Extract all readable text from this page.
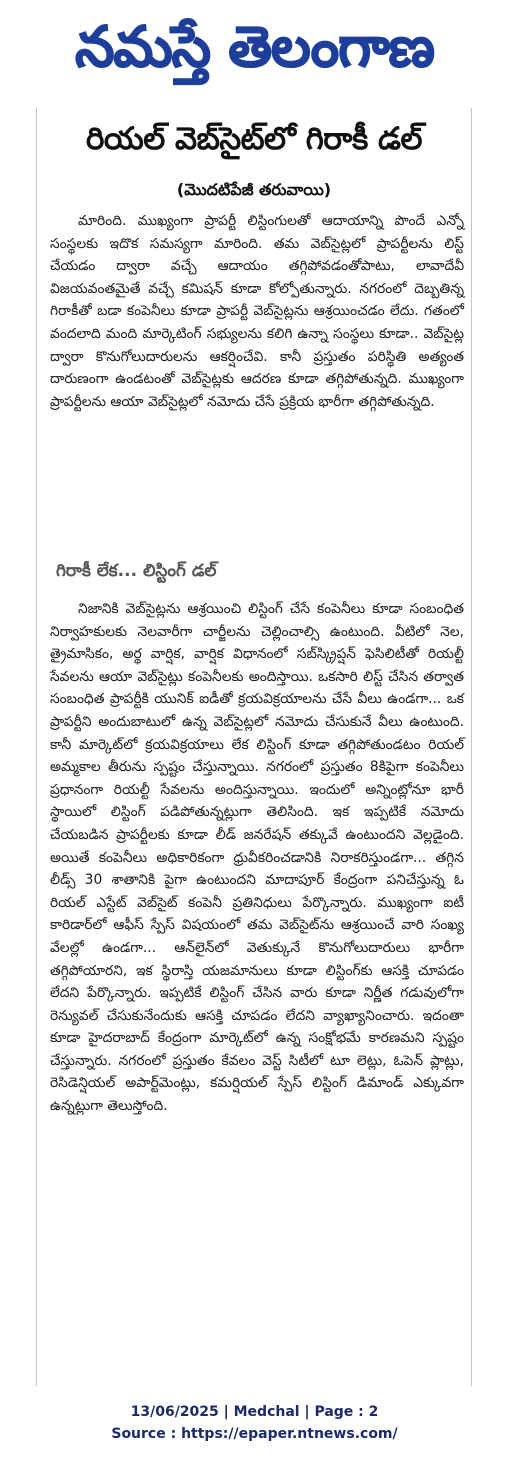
నమస్తే తెలంగాణ
రియల్ వెబ్‌సైట్‌లో గిరాకీ డల్
(మొదటిపేజీ తరువాయి)

మారింది. ముఖ్యంగా ప్రాపర్టీ లిస్టింగులతో ఆదాయాన్ని పొందే ఎన్నో సంస్థలకు ఇదొక సమస్యగా మారింది. తమ వెబ్‌సైట్లలో ప్రాపర్టీలను లిస్ట్ చేయడం ద్వారా వచ్చే ఆదాయం తగ్గిపోవడంతోపాటు, లావాదేవీ విజయవంతమైతే వచ్చే కమిషన్ కూడా కోల్పోతున్నారు. నగరంలో దెబ్బతిన్న గిరాకీతో బడా కంపెనీలు కూడా ప్రాపర్టీ వెబ్‌సైట్లను ఆశ్రయించడం లేదు. గతంలో వందలాది మంది మార్కెటింగ్ సభ్యులను కలిగి ఉన్నా సంస్థలు కూడా.. వెబ్‌సైట్ల ద్వారా కొనుగోలుదారులను ఆకర్షించేవి. కానీ ప్రస్తుతం పరిస్థితి అత్యంత దారుణంగా ఉండటంతో వెబ్‌సైట్లకు ఆదరణ కూడా తగ్గిపోతున్నది. ముఖ్యంగా ప్రాపర్టీలను ఆయా వెబ్‌సైట్లలో నమోదు చేసే ప్రక్రియ భారీగా తగ్గిపోతున్నది.

గిరాకీ లేక... లిస్టింగ్ డల్

నిజానికి వెబ్‌సైట్లను ఆశ్రయించి లిస్టింగ్ చేసే కంపెనీలు కూడా సంబంధిత నిర్వాహకులకు నెలవారీగా చార్జీలను చెల్లించాల్సి ఉంటుంది. వీటిలో నెల, త్రైమాసికం, అర్థ వార్షిక, వార్షిక విధానంలో సబ్‌స్క్రిప్షన్ ఫెసిలిటీతో రియల్టీ సేవలను ఆయా వెబ్‌సైట్లు కంపెనీలకు అందిస్తాయి. ఒకసారి లిస్ట్ చేసిన తర్వాత సంబంధిత ప్రాపర్టీకి యునిక్ ఐడీతో క్రయవిక్రయాలను చేసే వీలు ఉండగా... ఒక ప్రాపర్టీని అందుబాటులో ఉన్న వెబ్‌సైట్లలో నమోదు చేసుకునే వీలు ఉంటుంది. కానీ మార్కెట్‌లో క్రయవిక్రయాలు లేక లిస్టింగ్ కూడా తగ్గిపోతుండటం రియల్ అమ్మకాల తీరును స్పష్టం చేస్తున్నాయి. నగరంలో ప్రస్తుతం 8కిపైగా కంపెనీలు ప్రధానంగా రియల్టీ సేవలను అందిస్తున్నాయి. ఇందులో అన్నింట్లోనూ భారీ స్థాయిలో లిస్టింగ్ పడిపోతున్నట్లుగా తెలిసింది. ఇక ఇప్పటికే నమోదు చేయబడిన ప్రాపర్టీలకు కూడా లీడ్ జనరేషన్ తక్కువే ఉంటుందని వెల్లడైంది. అయితే కంపెనీలు అధికారికంగా ధ్రువీకరించడానికి నిరాకరిస్తుండగా... తగ్గిన లీడ్స్ 30 శాతానికి పైగా ఉంటుందని మాదాపూర్ కేంద్రంగా పనిచేస్తున్న ఓ రియల్ ఎస్టేట్ వెబ్‌సైట్ కంపెనీ ప్రతినిధులు పేర్కొన్నారు. ముఖ్యంగా ఐటీ కారిడార్‌లో ఆఫీస్ స్పేస్ విషయంలో తమ వెబ్‌సైట్‌ను ఆశ్రయించే వారి సంఖ్య వేలల్లో ఉండగా... ఆన్‌లైన్‌లో వెతుక్కునే కొనుగోలుదారులు భారీగా తగ్గిపోయారని, ఇక స్థిరాస్తి యజమానులు కూడా లిస్టింగ్‌కు ఆసక్తి చూపడం లేదని పేర్కొన్నారు. ఇప్పటికే లిస్టింగ్ చేసిన వారు కూడా నిర్ణీత గడువులోగా రెన్యువల్ చేసుకునేందుకు ఆసక్తి చూపడం లేదని వ్యాఖ్యానించారు. ఇదంతా కూడా హైదరాబాద్ కేంద్రంగా మార్కెట్‌లో ఉన్న సంక్షోభమే కారణమని స్పష్టం చేస్తున్నారు. నగరంలో ప్రస్తుతం కేవలం వెస్ట్ సిటీలో టూ లెట్లు, ఓపెన్ ప్లాట్లు, రెసిడెన్షియల్ అపార్ట్‌మెంట్లు, కమర్షియల్ స్పేస్ లిస్టింగ్ డిమాండ్ ఎక్కువగా ఉన్నట్లుగా తెలుస్తోంది.

13/06/2025 | Medchal | Page : 2
Source : https://epaper.ntnews.com/
